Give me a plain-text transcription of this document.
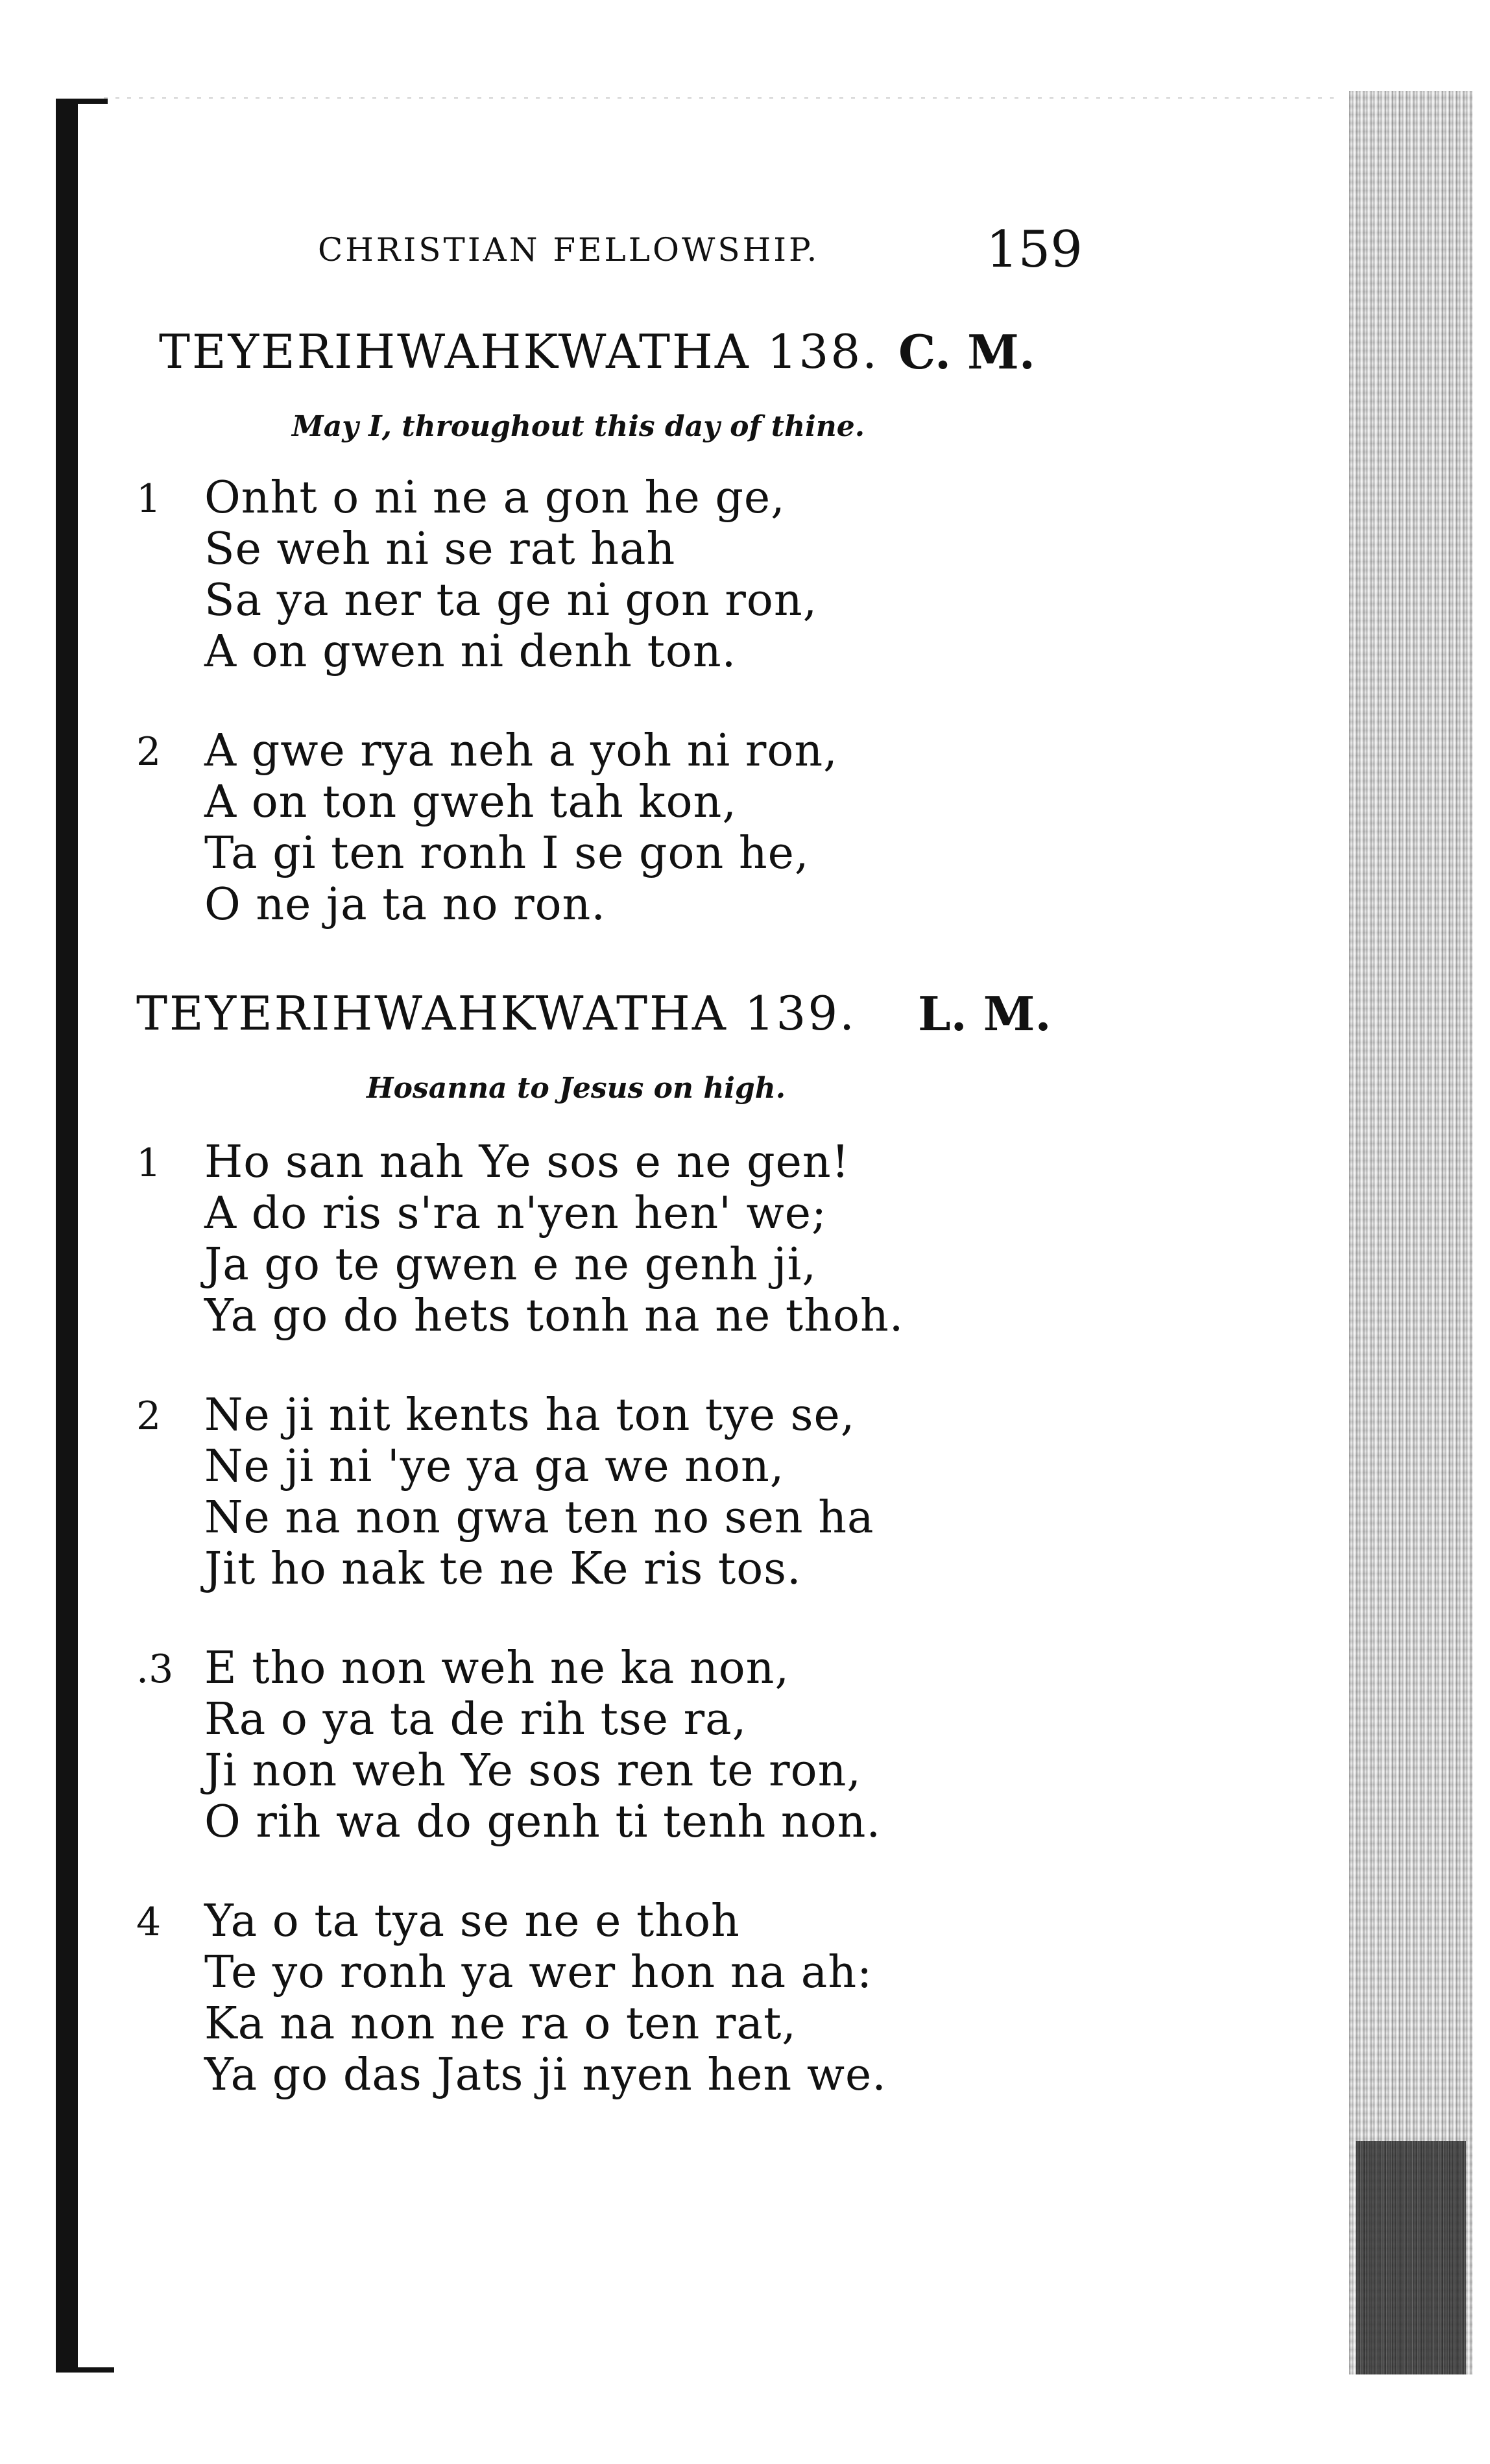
CHRISTIAN FELLOWSHIP.	159
TEYERIHWAHKWATHA 138. C. M.
May I, throughout this day of thine.
1 Onht o ni ne a gon he ge,
Se weh ni se rat hah
Sa ya ner ta ge ni gon ron,
A on gwen ni denh ton.
2 A gwe rya neh a yoh ni ron,
A on ton gweh tah kon,
Ta gi ten ronh I se gon he,
O ne ja ta no ron.
TEYERIHWAHKWATHA 139. L. M.
Hosanna to Jesus on high.
1 Ho san nah Ye sos e ne gen!
A do ris s'ra n'yen hen' we;
Ja go te gwen e ne genh ji,
Ya go do hets tonh na ne thoh.
2 Ne ji nit kents ha ton tye se,
Ne ji ni 'ye ya ga we non,
Ne na non gwa ten no sen ha
Jit ho nak te ne Ke ris tos.
.3 E tho non weh ne ka non,
Ra o ya ta de rih tse ra,
Ji non weh Ye sos ren te ron,
O rih wa do genh ti tenh non.
4 Ya o ta tya se ne e thoh
Te yo ronh ya wer hon na ah:
Ka na non ne ra o ten rat,
Ya go das Jats ji nyen hen we.
